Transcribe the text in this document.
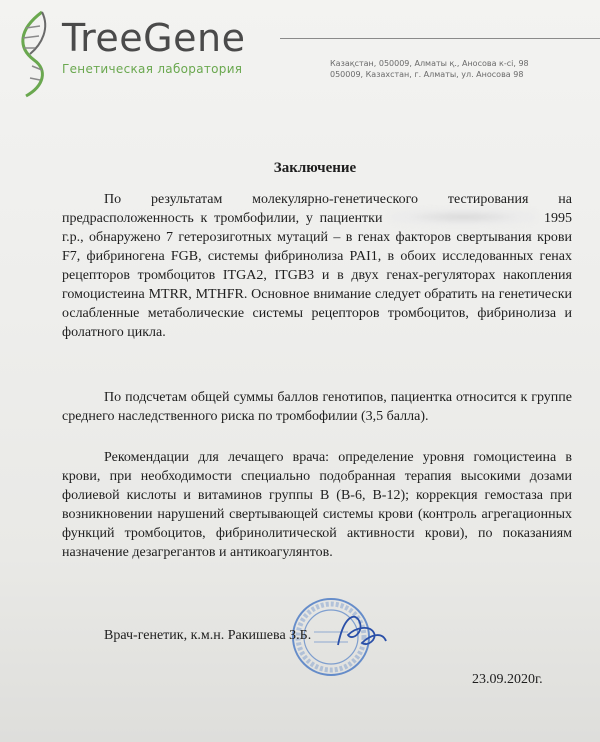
TreeGene
Генетическая лаборатория	Казақстан, 050009, Алматы қ., Аносова к-сі, 98
050009, Казахстан, г. Алматы, ул. Аносова 98
Заключение
По результатам молекулярно-генетического тестирования на предрасположенность к тромбофилии, у пациентки	1995 г.р., обнаружено 7 гетерозиготных мутаций – в генах факторов свертывания крови F7, фибриногена FGB, системы фибринолиза PAI1, в обоих исследованных генах рецепторов тромбоцитов ITGA2, ITGB3 и в двух генах-регуляторах накопления гомоцистеина MTRR, MTHFR. Основное внимание следует обратить на генетически ослабленные метаболические системы рецепторов тромбоцитов, фибринолиза и фолатного цикла.
По подсчетам общей суммы баллов генотипов, пациентка относится к группе среднего наследственного риска по тромбофилии (3,5 балла).
Рекомендации для лечащего врача: определение уровня гомоцистеина в крови, при необходимости специально подобранная терапия высокими дозами фолиевой кислоты и витаминов группы В (В-6, В-12); коррекция гемостаза при возникновении нарушений свертывающей системы крови (контроль агрегационных функций тромбоцитов, фибринолитической активности крови), по показаниям назначение дезагрегантов и антикоагулянтов.
Врач-генетик, к.м.н. Ракишева З.Б.
23.09.2020г.
